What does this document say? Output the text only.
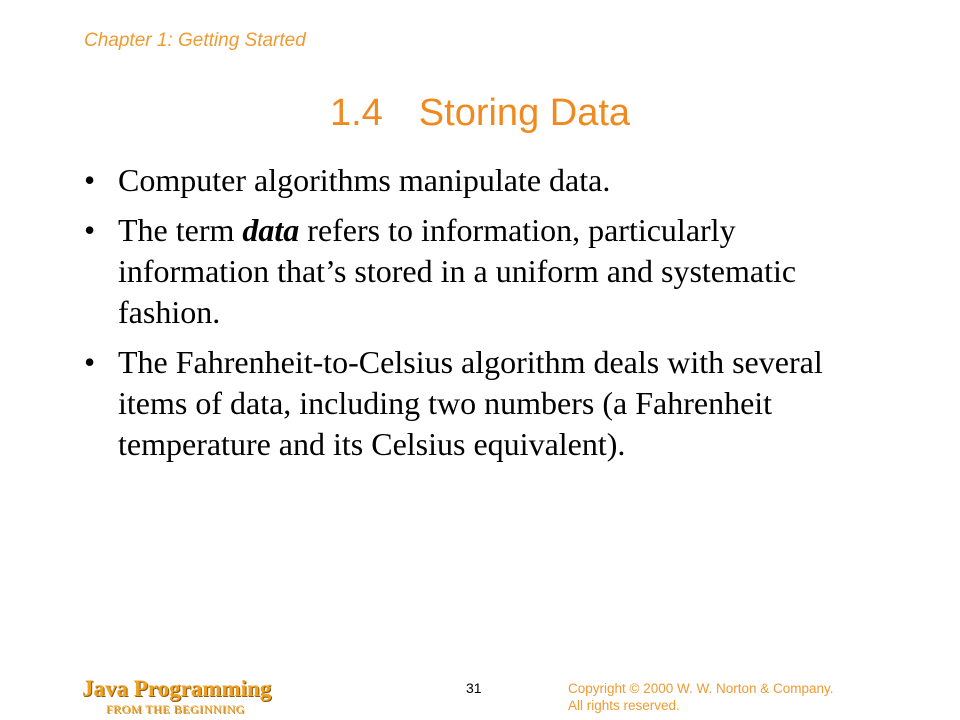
Chapter 1: Getting Started
1.4 Storing Data
• Computer algorithms manipulate data.
• The term data refers to information, particularly information that’s stored in a uniform and systematic fashion.
• The Fahrenheit-to-Celsius algorithm deals with several items of data, including two numbers (a Fahrenheit temperature and its Celsius equivalent).
Java Programming
FROM THE BEGINNING
31	Copyright © 2000 W. W. Norton & Company.
All rights reserved.
